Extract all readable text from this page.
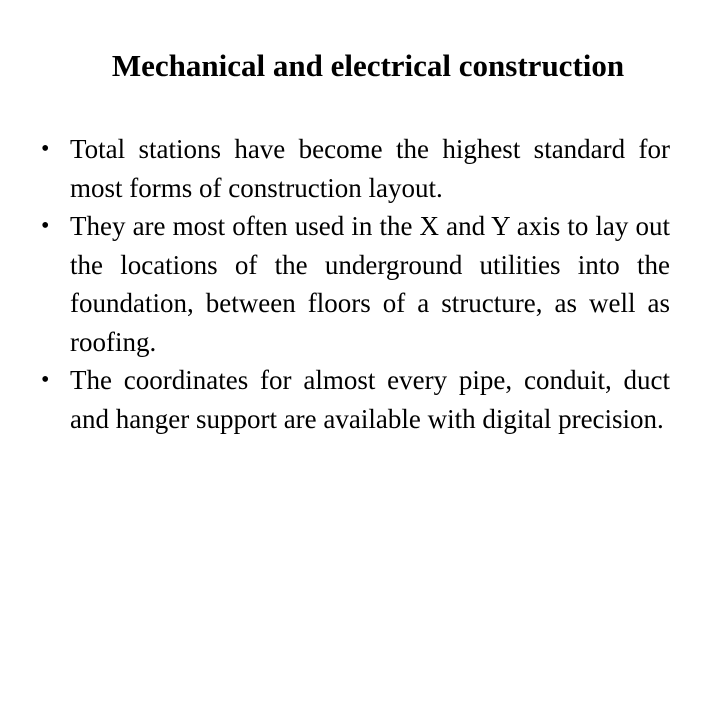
Mechanical and electrical construction
• Total stations have become the highest standard for most forms of construction layout.
• They are most often used in the X and Y axis to lay out the locations of the underground utilities into the foundation, between floors of a structure, as well as roofing.
• The coordinates for almost every pipe, conduit, duct and hanger support are available with digital precision.
